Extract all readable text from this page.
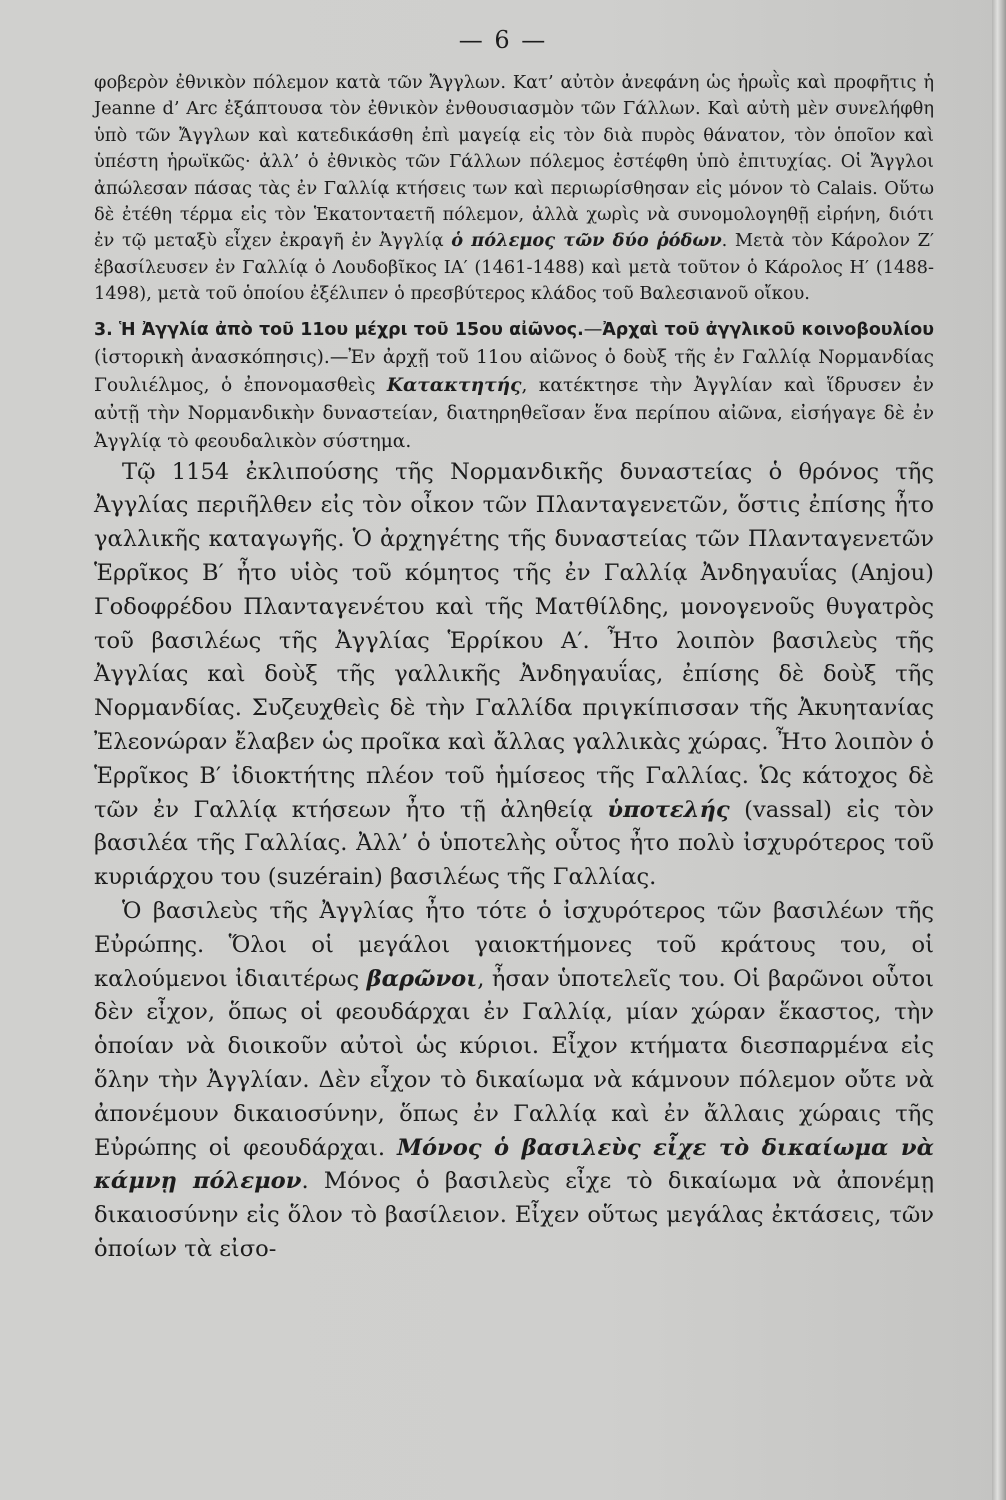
— 6 —

φοβερὸν ἐθνικὸν πόλεμον κατὰ τῶν Ἄγγλων. Κατ’ αὐτὸν ἀνεφάνη ὡς ἡρωῒς καὶ προφῆτις ἡ Jeanne d’ Arc ἐξάπτουσα τὸν ἐθνικὸν ἐνθουσιασμὸν τῶν Γάλλων. Καὶ αὐτὴ μὲν συνελήφθη ὑπὸ τῶν Ἄγγλων καὶ κατεδικάσθη ἐπὶ μαγείᾳ εἰς τὸν διὰ πυρὸς θάνατον, τὸν ὁποῖον καὶ ὑπέστη ἡρωϊκῶς· ἀλλ’ ὁ ἐθνικὸς τῶν Γάλλων πόλεμος ἐστέφθη ὑπὸ ἐπιτυχίας. Οἱ Ἄγγλοι ἀπώλεσαν πάσας τὰς ἐν Γαλλίᾳ κτήσεις των καὶ περιωρίσθησαν εἰς μόνον τὸ Calais. Οὕτω δὲ ἐτέθη τέρμα εἰς τὸν Ἑκατονταετῆ πόλεμον, ἀλλὰ χωρὶς νὰ συνομολογηθῇ εἰρήνη, διότι ἐν τῷ μεταξὺ εἶχεν ἐκραγῆ ἐν Ἀγγλίᾳ ὁ πόλεμος τῶν δύο ῥόδων. Μετὰ τὸν Κάρολον Ζ′ ἐβασίλευσεν ἐν Γαλλίᾳ ὁ Λουδοβῖκος ΙΑ′ (1461-1488) καὶ μετὰ τοῦτον ὁ Κάρολος Η′ (1488-1498), μετὰ τοῦ ὁποίου ἐξέλιπεν ὁ πρεσβύτερος κλάδος τοῦ Βαλεσιανοῦ οἴκου.

3. Ἡ Ἀγγλία ἀπὸ τοῦ 11ου μέχρι τοῦ 15ου αἰῶνος.—Ἀρχαὶ τοῦ ἀγγλικοῦ κοινοβουλίου (ἱστορικὴ ἀνασκόπησις).—Ἐν ἀρχῇ τοῦ 11ου αἰῶνος ὁ δοὺξ τῆς ἐν Γαλλίᾳ Νορμανδίας Γουλιέλμος, ὁ ἐπονομασθεὶς Κατακτητής, κατέκτησε τὴν Ἀγγλίαν καὶ ἵδρυσεν ἐν αὐτῇ τὴν Νορμανδικὴν δυναστείαν, διατηρηθεῖσαν ἕνα περίπου αἰῶνα, εἰσήγαγε δὲ ἐν Ἀγγλίᾳ τὸ φεουδαλικὸν σύστημα.

Τῷ 1154 ἐκλιπούσης τῆς Νορμανδικῆς δυναστείας ὁ θρόνος τῆς Ἀγγλίας περιῆλθεν εἰς τὸν οἶκον τῶν Πλανταγενετῶν, ὅστις ἐπίσης ἦτο γαλλικῆς καταγωγῆς. Ὁ ἀρχηγέτης τῆς δυναστείας τῶν Πλανταγενετῶν Ἑρρῖκος Β′ ἦτο υἱὸς τοῦ κόμητος τῆς ἐν Γαλλίᾳ Ἀνδηγαυΐας (Anjou) Γοδοφρέδου Πλανταγενέτου καὶ τῆς Ματθίλδης, μονογενοῦς θυγατρὸς τοῦ βασιλέως τῆς Ἀγγλίας Ἑρρίκου Α′. Ἦτο λοιπὸν βασιλεὺς τῆς Ἀγγλίας καὶ δοὺξ τῆς γαλλικῆς Ἀνδηγαυΐας, ἐπίσης δὲ δοὺξ τῆς Νορμανδίας. Συζευχθεὶς δὲ τὴν Γαλλίδα πριγκίπισσαν τῆς Ἀκυητανίας Ἐλεονώραν ἔλαβεν ὡς προῖκα καὶ ἄλλας γαλλικὰς χώρας. Ἦτο λοιπὸν ὁ Ἑρρῖκος Β′ ἰδιοκτήτης πλέον τοῦ ἡμίσεος τῆς Γαλλίας. Ὡς κάτοχος δὲ τῶν ἐν Γαλλίᾳ κτήσεων ἦτο τῇ ἀληθείᾳ ὑποτελής (vassal) εἰς τὸν βασιλέα τῆς Γαλλίας. Ἀλλ’ ὁ ὑποτελὴς οὗτος ἦτο πολὺ ἰσχυρότερος τοῦ κυριάρχου του (suzérain) βασιλέως τῆς Γαλλίας.

Ὁ βασιλεὺς τῆς Ἀγγλίας ἦτο τότε ὁ ἰσχυρότερος τῶν βασιλέων τῆς Εὐρώπης. Ὅλοι οἱ μεγάλοι γαιοκτήμονες τοῦ κράτους του, οἱ καλούμενοι ἰδιαιτέρως βαρῶνοι, ἦσαν ὑποτελεῖς του. Οἱ βαρῶνοι οὗτοι δὲν εἶχον, ὅπως οἱ φεουδάρχαι ἐν Γαλλίᾳ, μίαν χώραν ἕκαστος, τὴν ὁποίαν νὰ διοικοῦν αὐτοὶ ὡς κύριοι. Εἶχον κτήματα διεσπαρμένα εἰς ὅλην τὴν Ἀγγλίαν. Δὲν εἶχον τὸ δικαίωμα νὰ κάμνουν πόλεμον οὔτε νὰ ἀπονέμουν δικαιοσύνην, ὅπως ἐν Γαλλίᾳ καὶ ἐν ἄλλαις χώραις τῆς Εὐρώπης οἱ φεουδάρχαι. Μόνος ὁ βασιλεὺς εἶχε τὸ δικαίωμα νὰ κάμνῃ πόλεμον. Μόνος ὁ βασιλεὺς εἶχε τὸ δικαίωμα νὰ ἀπονέμῃ δικαιοσύνην εἰς ὅλον τὸ βασίλειον. Εἶχεν οὕτως μεγάλας ἐκτάσεις, τῶν ὁποίων τὰ εἰσο-
